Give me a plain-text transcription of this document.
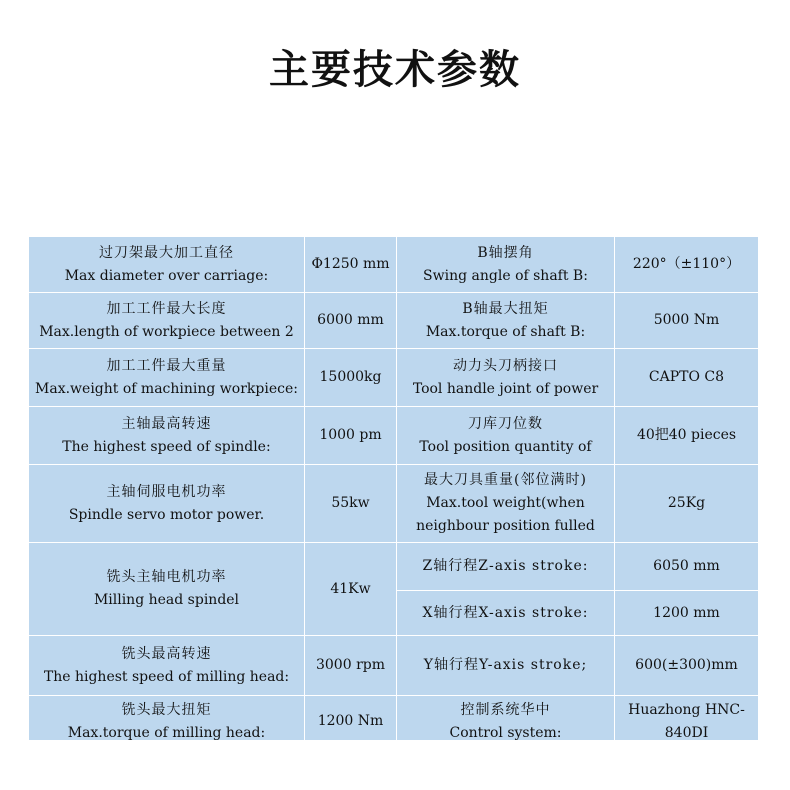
主要技术参数
过刀架最大加工直径
Max diameter over carriage:	Φ1250 mm	B轴摆角
Swing angle of shaft B:	220°（±110°）

加工工件最大长度
Max.length of workpiece between 2	6000 mm	B轴最大扭矩
Max.torque of shaft B:	5000 Nm

加工工件最大重量
Max.weight of machining workpiece:	15000kg	动力头刀柄接口
Tool handle joint of power	CAPTO C8

主轴最高转速
The highest speed of spindle:	1000 pm	刀库刀位数
Tool position quantity of	40把40 pieces

主轴伺服电机功率
Spindle servo motor power.	55kw	最大刀具重量(邻位满时)
Max.tool weight(when
neighbour position fulled	25Kg

铣头主轴电机功率
Milling head spindel	41Kw	Z轴行程Z-axis stroke:	6050 mm

		X轴行程X-axis stroke:	1200 mm

铣头最高转速
The highest speed of milling head:	3000 rpm	Y轴行程Y-axis stroke;	600(±300)mm

铣头最大扭矩
Max.torque of milling head:	1200 Nm	控制系统华中
Control system:	Huazhong HNC-840DI
